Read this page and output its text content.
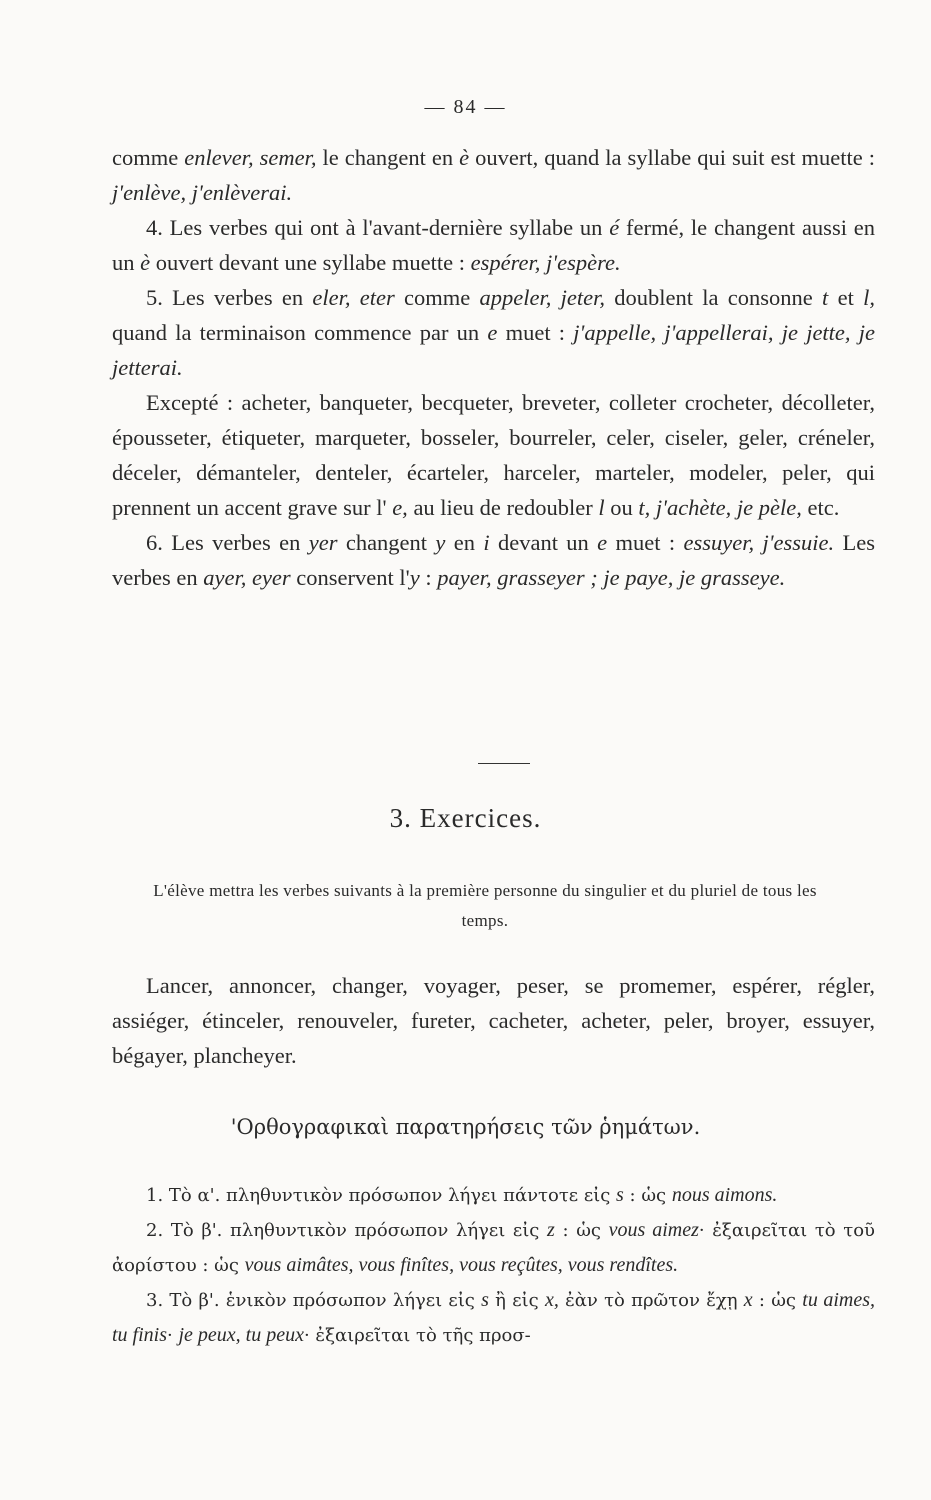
— 84 —

comme enlever, semer, le changent en è ouvert, quand la syllabe qui suit est muette : j'enlève, j'enlèverai.

4. Les verbes qui ont à l'avant-dernière syllabe un é fermé, le changent aussi en un è ouvert devant une syllabe muette : espérer, j'espère.

5. Les verbes en eler, eter comme appeler, jeter, doublent la consonne t et l, quand la terminaison commence par un e muet : j'appelle, j'appellerai, je jette, je jetterai.

Excepté : acheter, banqueter, becqueter, breveter, colleter crocheter, décolleter, épousseter, étiqueter, marqueter, bosseler, bourreler, celer, ciseler, geler, créneler, déceler, démanteler, denteler, écarteler, harceler, marteler, modeler, peler, qui prennent un accent grave sur l' e, au lieu de redoubler l ou t, j'achète, je pèle, etc.

6. Les verbes en yer changent y en i devant un e muet : essuyer, j'essuie. Les verbes en ayer, eyer conservent l'y : payer, grasseyer ; je paye, je grasseye.

3. Exercices.
L'élève mettra les verbes suivants à la première personne du singulier et du pluriel de tous les temps.

Lancer, annoncer, changer, voyager, peser, se promemer, espérer, régler, assiéger, étinceler, renouveler, fureter, cacheter, acheter, peler, broyer, essuyer, bégayer, plancheyer.

'Ορθογραφικαὶ παρατηρήσεις τῶν ῥημάτων.

1. Τὸ α'. πληθυντικὸν πρόσωπον λήγει πάντοτε εἰς s : ὡς nous aimons.

2. Τὸ β'. πληθυντικὸν πρόσωπον λήγει εἰς z : ὡς vous aimez· ἐξαιρεῖται τὸ τοῦ ἀορίστου : ὡς vous aimâtes, vous finîtes, vous reçûtes, vous rendîtes.

3. Τὸ β'. ἑνικὸν πρόσωπον λήγει εἰς s ἢ εἰς x, ἐὰν τὸ πρῶτον ἔχῃ x : ὡς tu aimes, tu finis· je peux, tu peux· ἐξαιρεῖται τὸ τῆς προσ-
